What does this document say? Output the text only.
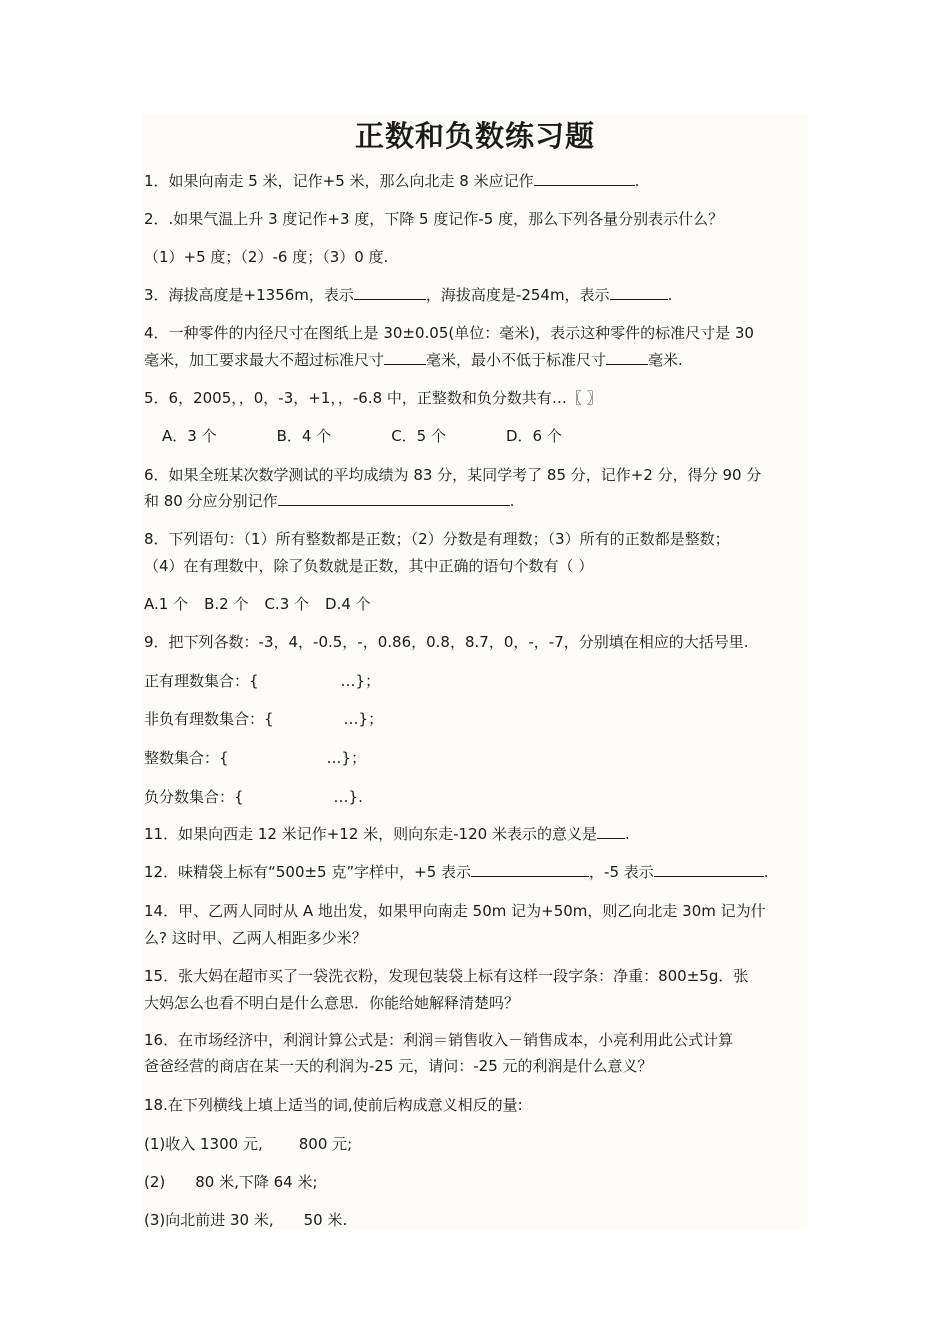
正数和负数练习题
1．如果向南走 5 米，记作+5 米，那么向北走 8 米应记作	.
2．.如果气温上升 3 度记作+3 度，下降 5 度记作-5 度，那么下列各量分别表示什么？
（1）+5 度；（2）-6 度；（3）0 度.
3．海拔高度是+1356m，表示	，海拔高度是-254m，表示	.
4．一种零件的内径尺寸在图纸上是 30±0.05(单位：毫米)，表示这种零件的标准尺寸是 30
毫米，加工要求最大不超过标准尺寸	毫米，最小不低于标准尺寸	毫米.
5．6，2005，，0，-3，+1，，-6.8 中，正整数和负分数共有…〖 〗
A．3 个	B．4 个	C．5 个	D．6 个
6．如果全班某次数学测试的平均成绩为 83 分，某同学考了 85 分，记作+2 分，得分 90 分
和 80 分应分别记作	.
8．下列语句：（1）所有整数都是正数；（2）分数是有理数；（3）所有的正数都是整数；
（4）在有理数中，除了负数就是正数，其中正确的语句个数有（ ）
A.1 个 B.2 个 C.3 个 D.4 个
9．把下列各数：-3，4，-0.5，-，0.86，0.8，8.7，0，-，-7，分别填在相应的大括号里.
正有理数集合：{	…}；
非负有理数集合：{	…}；
整数集合：{	…}；
负分数集合：{	…}.
11．如果向西走 12 米记作+12 米，则向东走-120 米表示的意义是 .
12．味精袋上标有“500±5 克”字样中，+5 表示	，-5 表示	.
14．甲、乙两人同时从 A 地出发，如果甲向南走 50m 记为+50m，则乙向北走 30m 记为什
么? 这时甲、乙两人相距多少米？
15．张大妈在超市买了一袋洗衣粉，发现包装袋上标有这样一段字条：净重：800±5g．张
大妈怎么也看不明白是什么意思．你能给她解释清楚吗？
16．在市场经济中，利润计算公式是：利润＝销售收入－销售成本，小亮利用此公式计算
爸爸经营的商店在某一天的利润为-25 元，请问：-25 元的利润是什么意义？
18.在下列横线上填上适当的词,使前后构成意义相反的量:
(1)收入 1300 元, 800 元;
(2) 80 米,下降 64 米;
(3)向北前进 30 米, 50 米.
